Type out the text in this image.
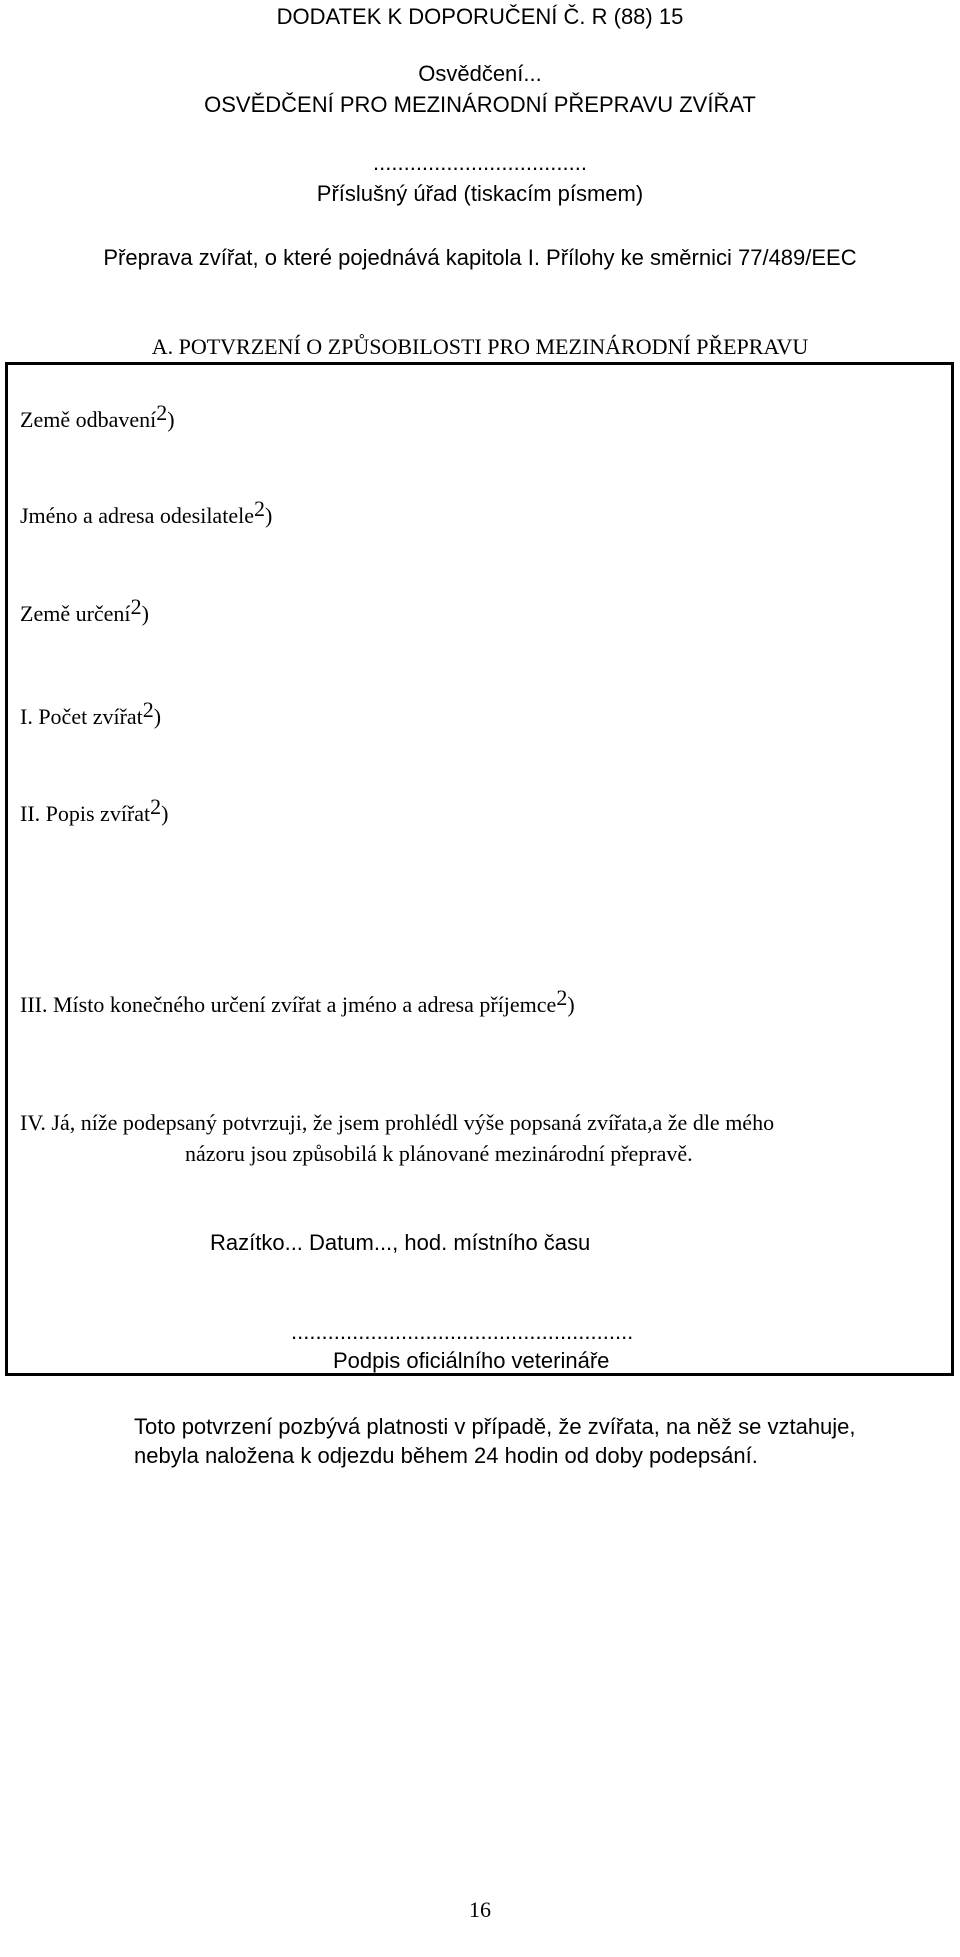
DODATEK K DOPORUČENÍ Č. R (88) 15
Osvědčení...
OSVĚDČENÍ PRO MEZINÁRODNÍ PŘEPRAVU ZVÍŘAT
...................................
Příslušný úřad (tiskacím písmem)
Přeprava zvířat, o které pojednává kapitola I. Přílohy ke směrnici 77/489/EEC
A. POTVRZENÍ O ZPŮSOBILOSTI PRO MEZINÁRODNÍ PŘEPRAVU
Země odbavení2)
Jméno a adresa odesilatele2)
Země určení2)
I. Počet zvířat2)
II. Popis zvířat2)
III. Místo konečného určení zvířat a jméno a adresa příjemce2)
IV. Já, níže podepsaný potvrzuji, že jsem prohlédl výše popsaná zvířata,a že dle mého
názoru jsou způsobilá k plánované mezinárodní přepravě.
Razítko... Datum..., hod. místního času
........................................................
Podpis oficiálního veterináře
Toto potvrzení pozbývá platnosti v případě, že zvířata, na něž se vztahuje,
nebyla naložena k odjezdu během 24 hodin od doby podepsání.
16
